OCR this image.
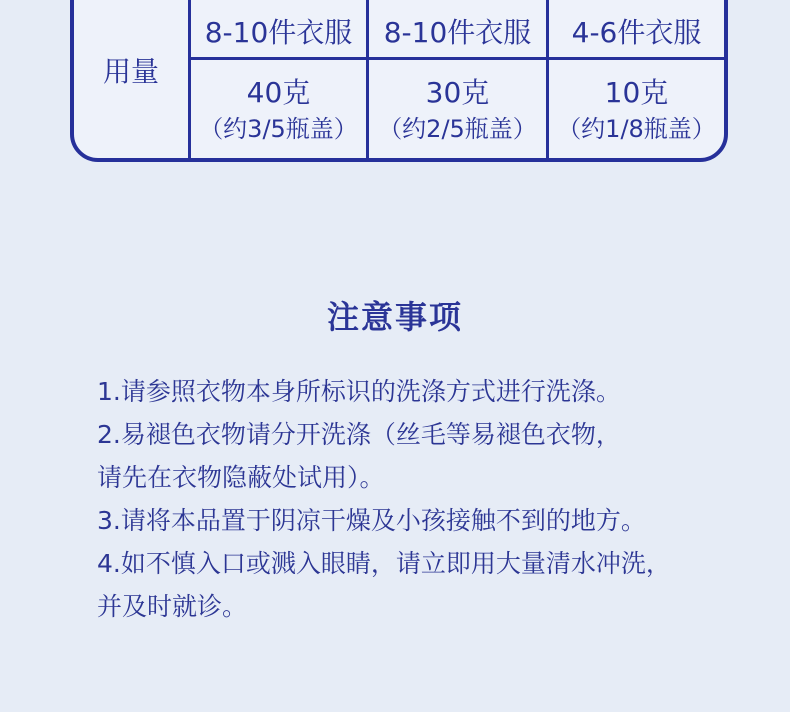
用量
8-10件衣服	8-10件衣服	4-6件衣服
40克
（约3/5瓶盖）
30克
（约2/5瓶盖）
10克
（约1/8瓶盖）
注意事项
1.请参照衣物本身所标识的洗涤方式进行洗涤。
2.易褪色衣物请分开洗涤（丝毛等易褪色衣物，
请先在衣物隐蔽处试用）。
3.请将本品置于阴凉干燥及小孩接触不到的地方。
4.如不慎入口或溅入眼睛，请立即用大量清水冲洗，
并及时就诊。
